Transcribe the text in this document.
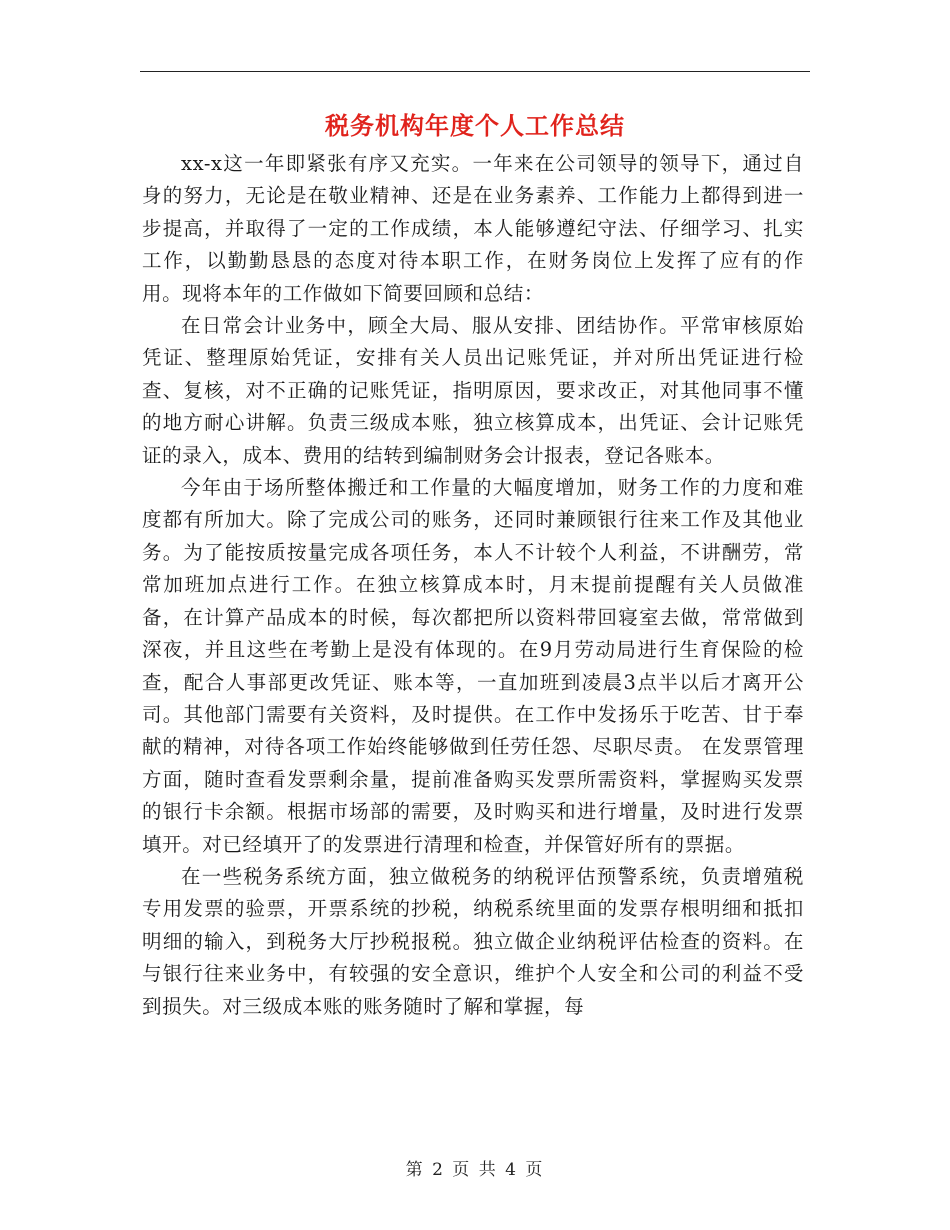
税务机构年度个人工作总结

xx-x这一年即紧张有序又充实。一年来在公司领导的领导下，通过自身的努力，无论是在敬业精神、还是在业务素养、工作能力上都得到进一步提高，并取得了一定的工作成绩，本人能够遵纪守法、仔细学习、扎实工作，以勤勤恳恳的态度对待本职工作，在财务岗位上发挥了应有的作用。现将本年的工作做如下简要回顾和总结：

在日常会计业务中，顾全大局、服从安排、团结协作。平常审核原始凭证、整理原始凭证，安排有关人员出记账凭证，并对所出凭证进行检查、复核，对不正确的记账凭证，指明原因，要求改正，对其他同事不懂的地方耐心讲解。负责三级成本账，独立核算成本，出凭证、会计记账凭证的录入，成本、费用的结转到编制财务会计报表，登记各账本。

今年由于场所整体搬迁和工作量的大幅度增加，财务工作的力度和难度都有所加大。除了完成公司的账务，还同时兼顾银行往来工作及其他业务。为了能按质按量完成各项任务，本人不计较个人利益，不讲酬劳，常常加班加点进行工作。在独立核算成本时，月末提前提醒有关人员做准备，在计算产品成本的时候，每次都把所以资料带回寝室去做，常常做到深夜，并且这些在考勤上是没有体现的。在9月劳动局进行生育保险的检查，配合人事部更改凭证、账本等，一直加班到凌晨3点半以后才离开公司。其他部门需要有关资料，及时提供。在工作中发扬乐于吃苦、甘于奉献的精神，对待各项工作始终能够做到任劳任怨、尽职尽责。 在发票管理方面，随时查看发票剩余量，提前准备购买发票所需资料，掌握购买发票的银行卡余额。根据市场部的需要，及时购买和进行增量，及时进行发票填开。对已经填开了的发票进行清理和检查，并保管好所有的票据。

在一些税务系统方面，独立做税务的纳税评估预警系统，负责增殖税专用发票的验票，开票系统的抄税，纳税系统里面的发票存根明细和抵扣明细的输入，到税务大厅抄税报税。独立做企业纳税评估检查的资料。在与银行往来业务中，有较强的安全意识，维护个人安全和公司的利益不受到损失。对三级成本账的账务随时了解和掌握，每

第 2 页 共 4 页
